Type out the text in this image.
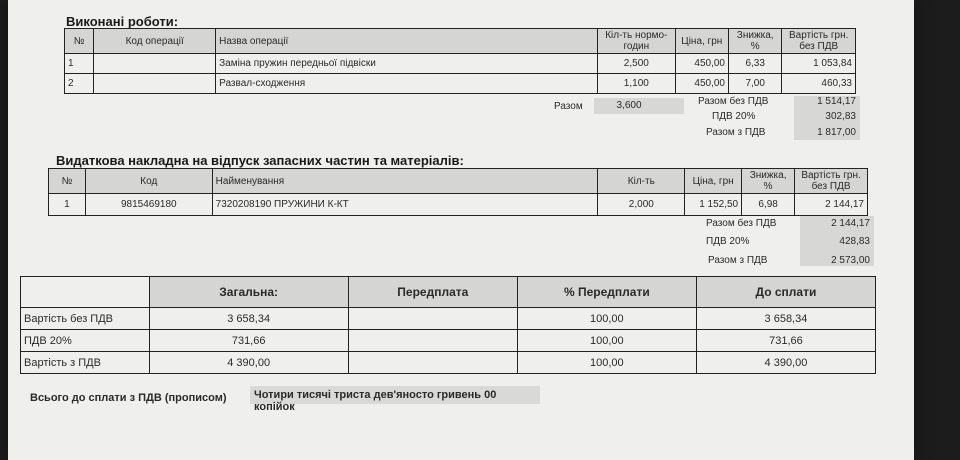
Виконані роботи:
№	Код операції	Назва операції	Кіл-ть нормо-годин	Ціна, грн	Знижка, %	Вартість грн. без ПДВ
1		Заміна пружин передньої підвіски	2,500	450,00	6,33	1 053,84
2		Развал-сходження	1,100	450,00	7,00	460,33
Разом	3,600	Разом без ПДВ	1 514,17
ПДВ 20%	302,83
Разом з ПДВ	1 817,00
Видаткова накладна на відпуск запасних частин та матеріалів:
№	Код	Найменування	Кіл-ть	Ціна, грн	Знижка, %	Вартість грн. без ПДВ
1	9815469180	7320208190 ПРУЖИНИ К-КТ	2,000	1 152,50	6,98	2 144,17
Разом без ПДВ	2 144,17
ПДВ 20%	428,83
Разом з ПДВ	2 573,00
	Загальна:	Передплата	% Передплати	До сплати
Вартість без ПДВ	3 658,34		100,00	3 658,34
ПДВ 20%	731,66		100,00	731,66
Вартість з ПДВ	4 390,00		100,00	4 390,00
Всього до сплати з ПДВ (прописом)	Чотири тисячі триста дев'яносто гривень 00 копійок
